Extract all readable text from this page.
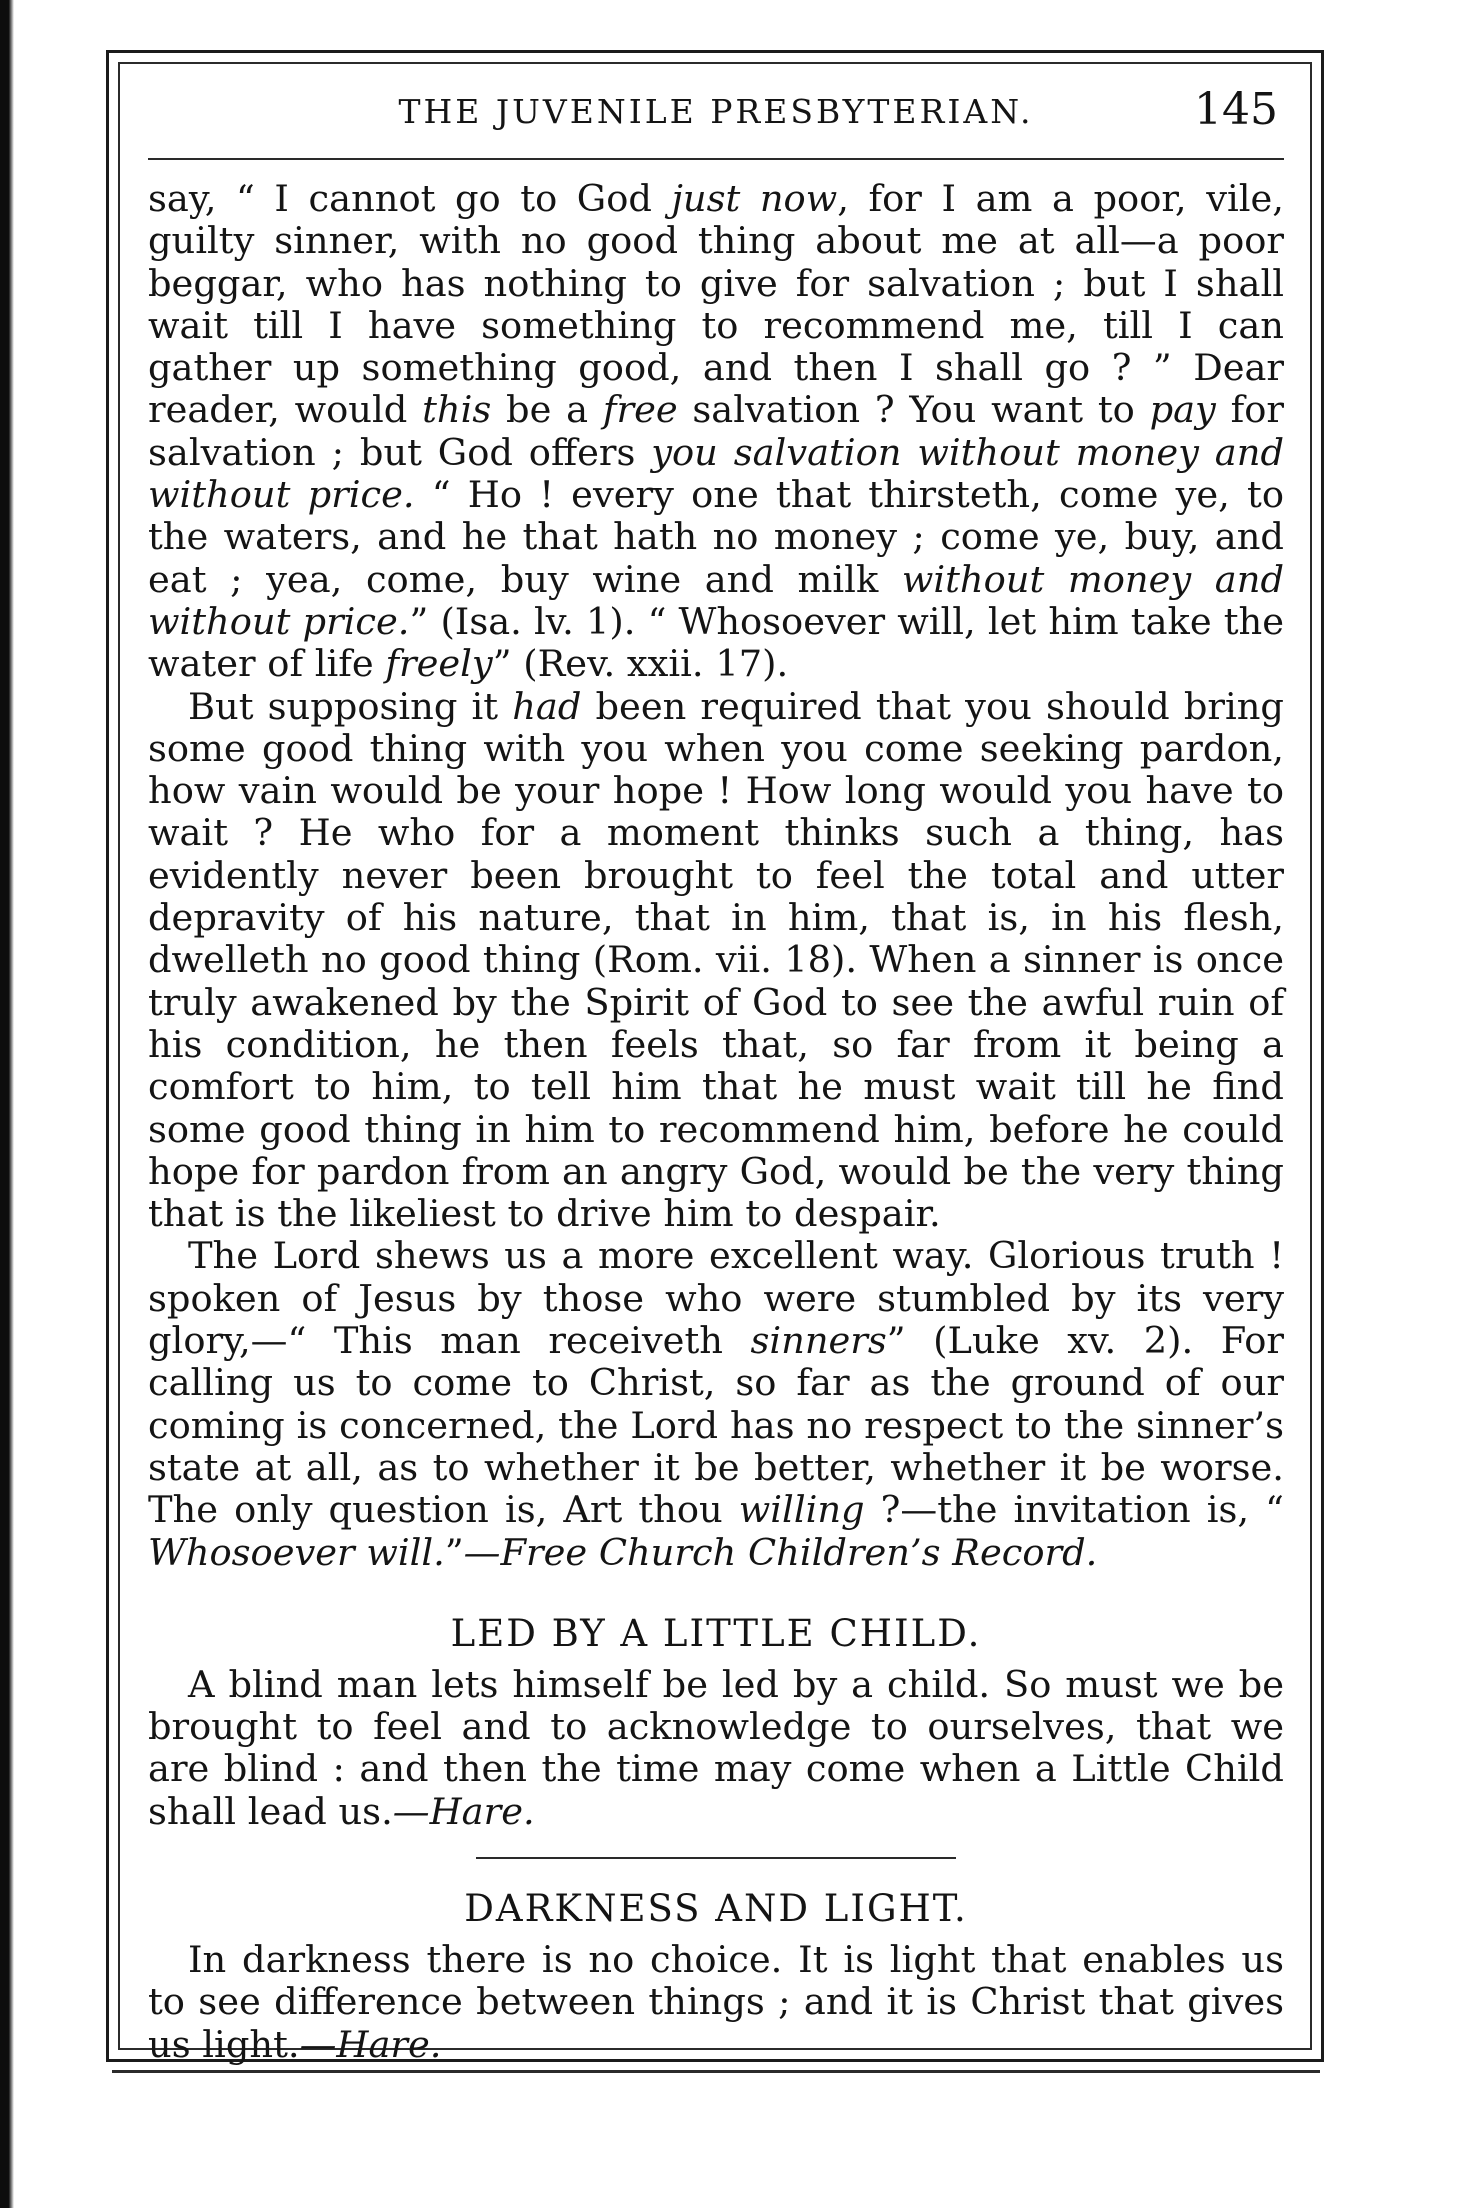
THE JUVENILE PRESBYTERIAN.	145

say, “ I cannot go to God just now, for I am a poor, vile, guilty sinner, with no good thing about me at all—a poor beggar, who has nothing to give for salvation ; but I shall wait till I have something to recommend me, till I can gather up something good, and then I shall go ? ” Dear reader, would this be a free salvation ? You want to pay for salvation ; but God offers you salvation without money and without price. “ Ho ! every one that thirsteth, come ye, to the waters, and he that hath no money ; come ye, buy, and eat ; yea, come, buy wine and milk without money and without price.” (Isa. lv. 1). “ Whosoever will, let him take the water of life freely” (Rev. xxii. 17).

But supposing it had been required that you should bring some good thing with you when you come seeking pardon, how vain would be your hope ! How long would you have to wait ? He who for a moment thinks such a thing, has evidently never been brought to feel the total and utter depravity of his nature, that in him, that is, in his flesh, dwelleth no good thing (Rom. vii. 18). When a sinner is once truly awakened by the Spirit of God to see the awful ruin of his condition, he then feels that, so far from it being a comfort to him, to tell him that he must wait till he find some good thing in him to recommend him, before he could hope for pardon from an angry God, would be the very thing that is the likeliest to drive him to despair.

The Lord shews us a more excellent way. Glorious truth ! spoken of Jesus by those who were stumbled by its very glory,—“ This man receiveth sinners” (Luke xv. 2). For calling us to come to Christ, so far as the ground of our coming is concerned, the Lord has no respect to the sinner’s state at all, as to whether it be better, whether it be worse. The only question is, Art thou willing ?—the invitation is, “ Whosoever will.”—Free Church Children’s Record.

LED BY A LITTLE CHILD.

A blind man lets himself be led by a child. So must we be brought to feel and to acknowledge to ourselves, that we are blind : and then the time may come when a Little Child shall lead us.—Hare.

DARKNESS AND LIGHT.

In darkness there is no choice. It is light that enables us to see difference between things ; and it is Christ that gives us light.—Hare.
